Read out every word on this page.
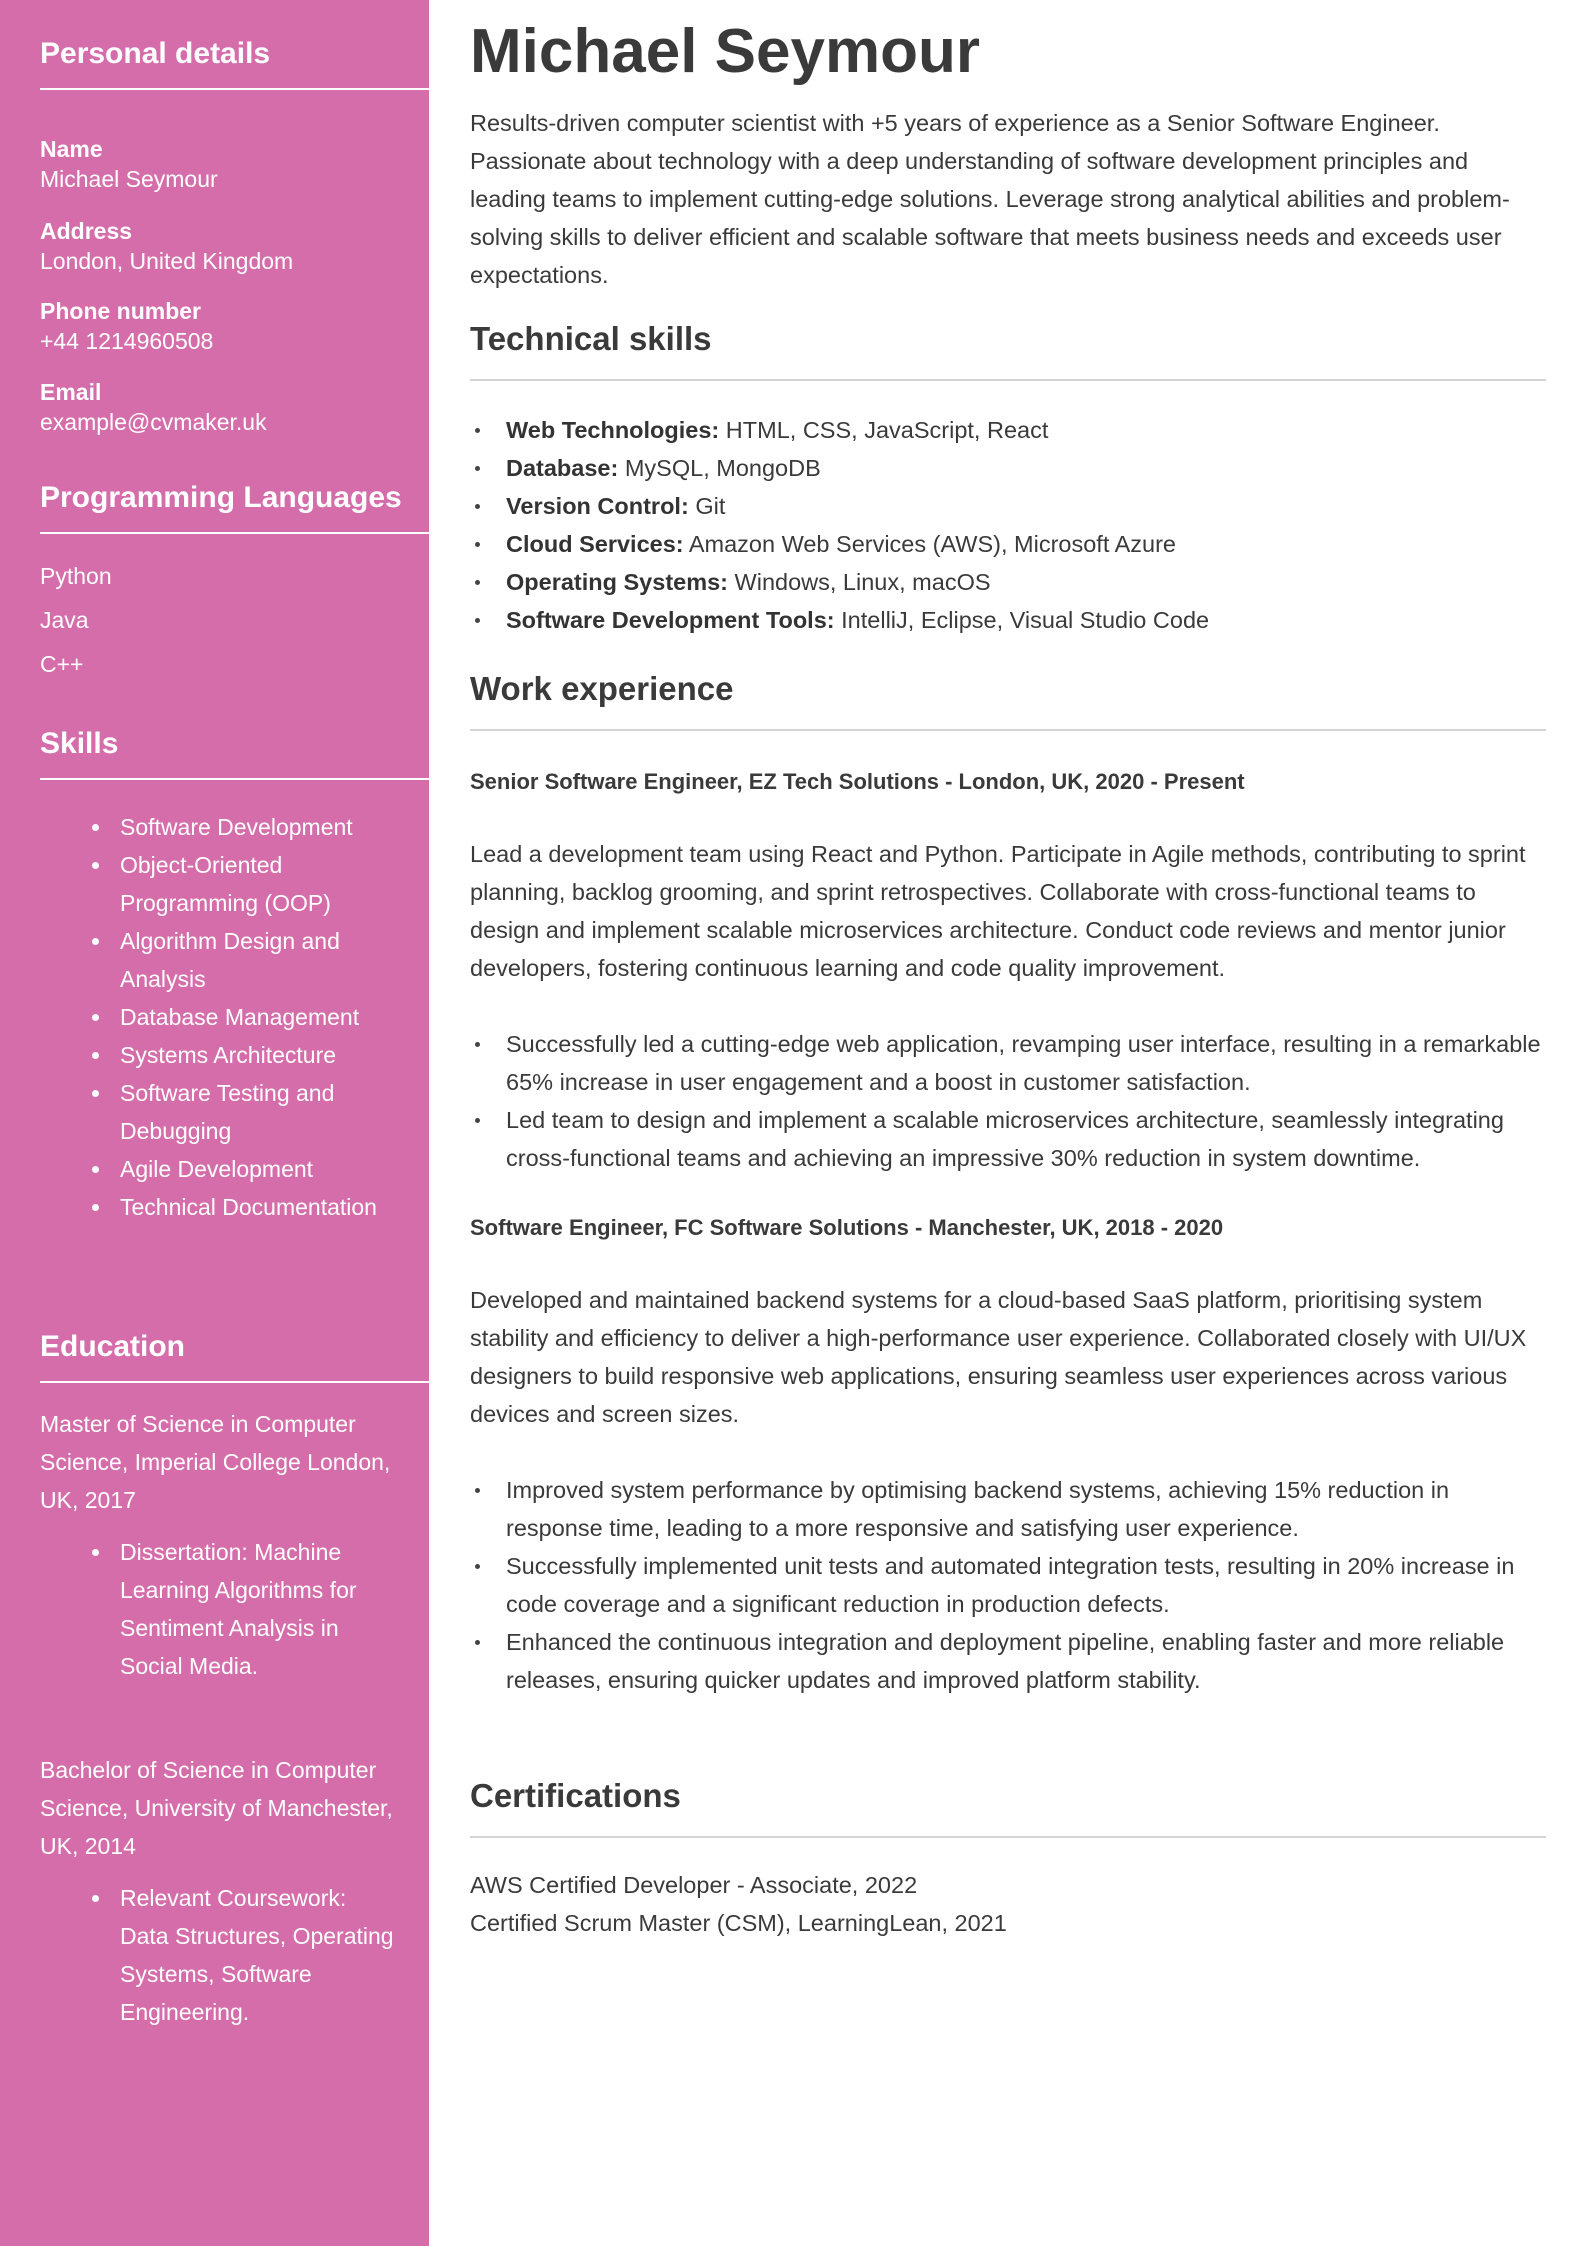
Personal details
Name
Michael Seymour
Address
London, United Kingdom
Phone number
+44 1214960508
Email
example@cvmaker.uk
Programming Languages
Python
Java
C++
Skills
Software Development
Object-Oriented Programming (OOP)
Algorithm Design and Analysis
Database Management
Systems Architecture
Software Testing and Debugging
Agile Development
Technical Documentation
Education
Master of Science in Computer Science, Imperial College London, UK, 2017
Dissertation: Machine Learning Algorithms for Sentiment Analysis in Social Media.
Bachelor of Science in Computer Science, University of Manchester, UK, 2014
Relevant Coursework: Data Structures, Operating Systems, Software Engineering.
Michael Seymour
Results-driven computer scientist with +5 years of experience as a Senior Software Engineer. Passionate about technology with a deep understanding of software development principles and leading teams to implement cutting-edge solutions. Leverage strong analytical abilities and problem-solving skills to deliver efficient and scalable software that meets business needs and exceeds user expectations.
Technical skills
Web Technologies: HTML, CSS, JavaScript, React
Database: MySQL, MongoDB
Version Control: Git
Cloud Services: Amazon Web Services (AWS), Microsoft Azure
Operating Systems: Windows, Linux, macOS
Software Development Tools: IntelliJ, Eclipse, Visual Studio Code
Work experience
Senior Software Engineer, EZ Tech Solutions - London, UK, 2020 - Present
Lead a development team using React and Python. Participate in Agile methods, contributing to sprint planning, backlog grooming, and sprint retrospectives. Collaborate with cross-functional teams to design and implement scalable microservices architecture. Conduct code reviews and mentor junior developers, fostering continuous learning and code quality improvement.
Successfully led a cutting-edge web application, revamping user interface, resulting in a remarkable 65% increase in user engagement and a boost in customer satisfaction.
Led team to design and implement a scalable microservices architecture, seamlessly integrating cross-functional teams and achieving an impressive 30% reduction in system downtime.
Software Engineer, FC Software Solutions - Manchester, UK, 2018 - 2020
Developed and maintained backend systems for a cloud-based SaaS platform, prioritising system stability and efficiency to deliver a high-performance user experience. Collaborated closely with UI/UX designers to build responsive web applications, ensuring seamless user experiences across various devices and screen sizes.
Improved system performance by optimising backend systems, achieving 15% reduction in response time, leading to a more responsive and satisfying user experience.
Successfully implemented unit tests and automated integration tests, resulting in 20% increase in code coverage and a significant reduction in production defects.
Enhanced the continuous integration and deployment pipeline, enabling faster and more reliable releases, ensuring quicker updates and improved platform stability.
Certifications
AWS Certified Developer - Associate, 2022
Certified Scrum Master (CSM), LearningLean, 2021
